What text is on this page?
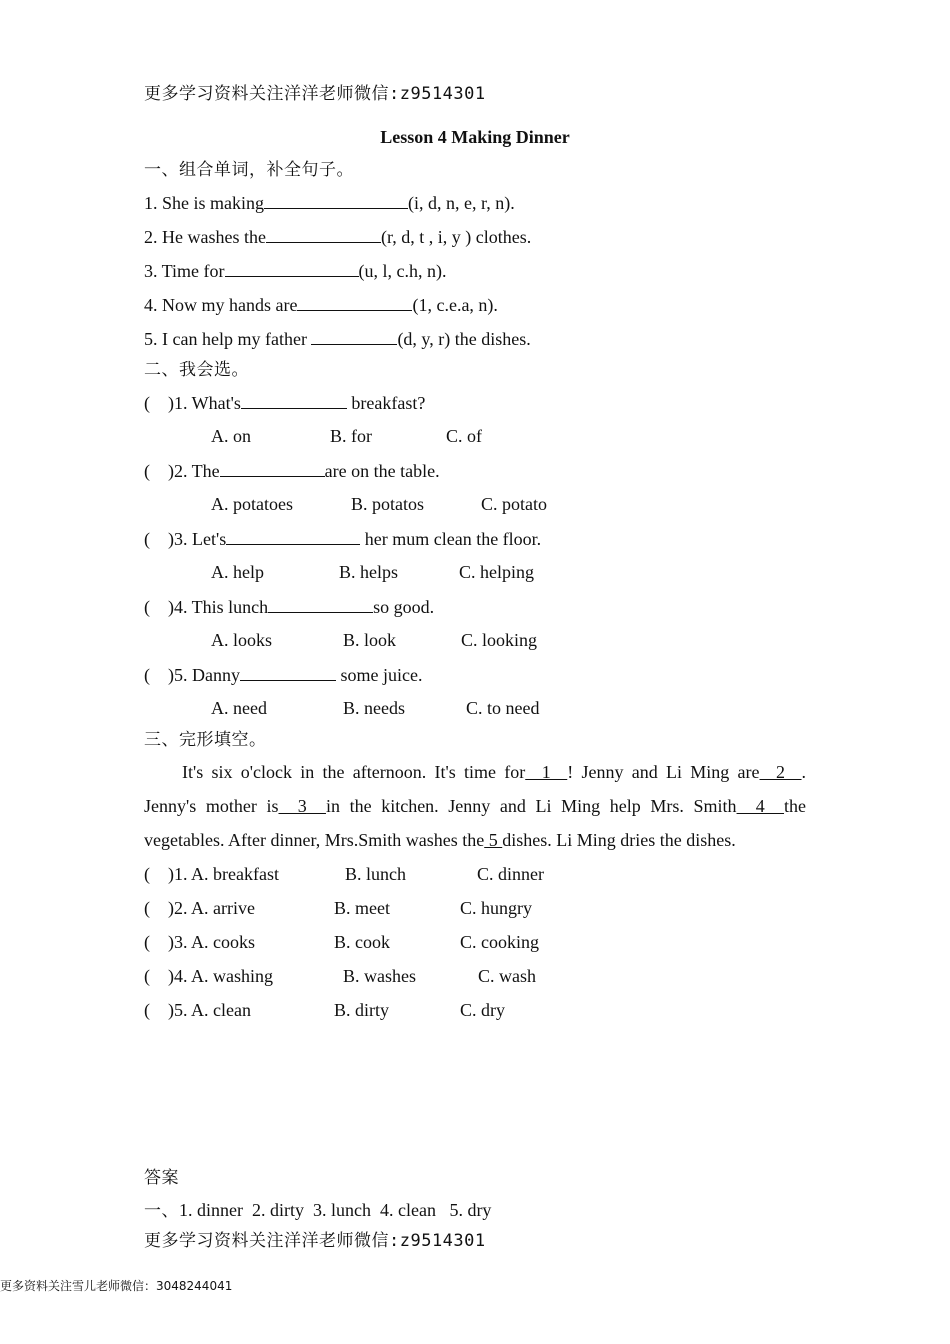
更多学习资料关注洋洋老师微信:z9514301
Lesson 4 Making Dinner
一、组合单词，补全句子。
1. She is making	(i, d, n, e, r, n).
2. He washes the	(r, d, t , i, y ) clothes.
3. Time for	(u, l, c.h, n).
4. Now my hands are	(1, c.e.a, n).
5. I can help my father	(d, y, r) the dishes.
二、我会选。
(    )1. What's	breakfast?
A. on	B. for	C. of
(    )2. The	are on the table.
A. potatoes	B. potatos	C. potato
(    )3. Let's	her mum clean the floor.
A. help	B. helps	C. helping
(    )4. This lunch	so good.
A. looks	B. look	C. looking
(    )5. Danny	some juice.
A. need	B. needs	C. to need
三、完形填空。

It's six o'clock in the afternoon. It's time for  1  ! Jenny and Li Ming are  2  .

Jenny's mother is  3  in the kitchen. Jenny and Li Ming help Mrs. Smith  4  the

vegetables. After dinner, Mrs.Smith washes the 5 dishes. Li Ming dries the dishes.

(    )1. A. breakfast	B. lunch	C. dinner
(    )2. A. arrive	B. meet	C. hungry
(    )3. A. cooks	B. cook	C. cooking
(    )4. A. washing	B. washes	C. wash
(    )5. A. clean	B. dirty	C. dry
答案
一、1. dinner  2. dirty  3. lunch  4. clean   5. dry
更多学习资料关注洋洋老师微信:z9514301
更多资料关注雪儿老师微信：3048244041
